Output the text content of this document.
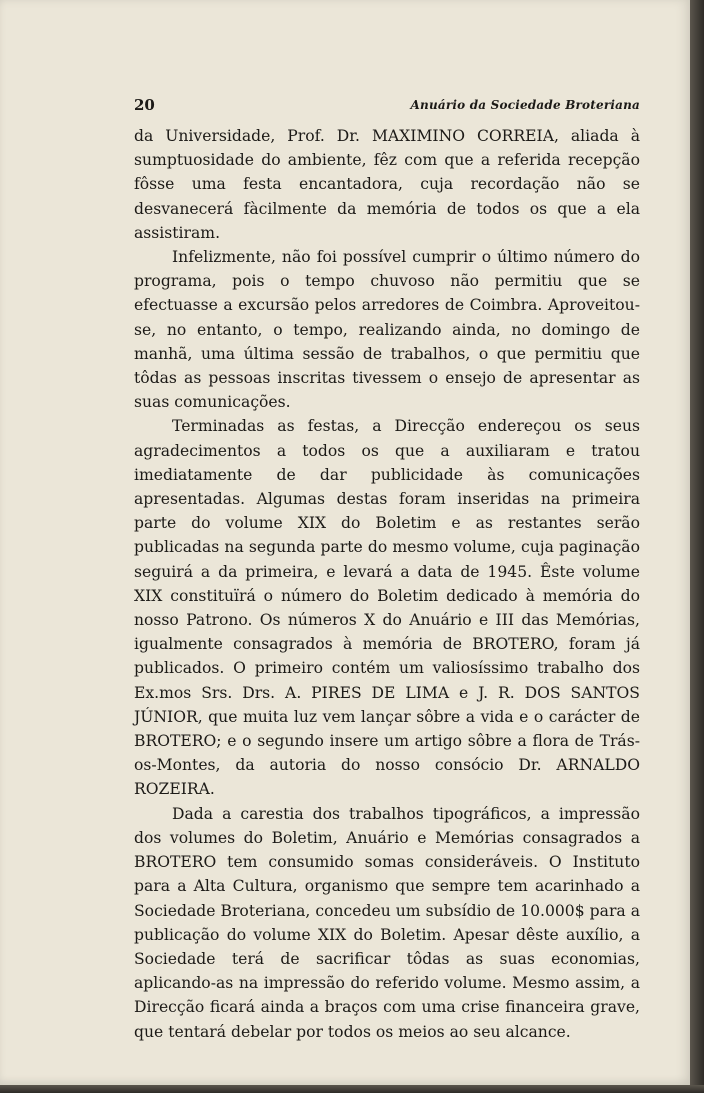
20	Anuário da Sociedade Broteriana

da Universidade, Prof. Dr. MAXIMINO CORREIA, aliada à sumptuosidade do ambiente, fêz com que a referida recepção fôsse uma festa encantadora, cuja recordação não se desvanecerá fàcilmente da memória de todos os que a ela assistiram.

Infelizmente, não foi possível cumprir o último número do programa, pois o tempo chuvoso não permitiu que se efectuasse a excursão pelos arredores de Coimbra. Aproveitou-se, no entanto, o tempo, realizando ainda, no domingo de manhã, uma última sessão de trabalhos, o que permitiu que tôdas as pessoas inscritas tivessem o ensejo de apresentar as suas comunicações.

Terminadas as festas, a Direcção endereçou os seus agradecimentos a todos os que a auxiliaram e tratou imediatamente de dar publicidade às comunicações apresentadas. Algumas destas foram inseridas na primeira parte do volume XIX do Boletim e as restantes serão publicadas na segunda parte do mesmo volume, cuja paginação seguirá a da primeira, e levará a data de 1945. Êste volume XIX constituïrá o número do Boletim dedicado à memória do nosso Patrono. Os números X do Anuário e III das Memórias, igualmente consagrados à memória de BROTERO, foram já publicados. O primeiro contém um valiosíssimo trabalho dos Ex.mos Srs. Drs. A. PIRES DE LIMA e J. R. DOS SANTOS JÚNIOR, que muita luz vem lançar sôbre a vida e o carácter de BROTERO; e o segundo insere um artigo sôbre a flora de Trás-os-Montes, da autoria do nosso consócio Dr. ARNALDO ROZEIRA.

Dada a carestia dos trabalhos tipográficos, a impressão dos volumes do Boletim, Anuário e Memórias consagrados a BROTERO tem consumido somas consideráveis. O Instituto para a Alta Cultura, organismo que sempre tem acarinhado a Sociedade Broteriana, concedeu um subsídio de 10.000$ para a publicação do volume XIX do Boletim. Apesar dêste auxílio, a Sociedade terá de sacrificar tôdas as suas economias, aplicando-as na impressão do referido volume. Mesmo assim, a Direcção ficará ainda a braços com uma crise financeira grave, que tentará debelar por todos os meios ao seu alcance.
